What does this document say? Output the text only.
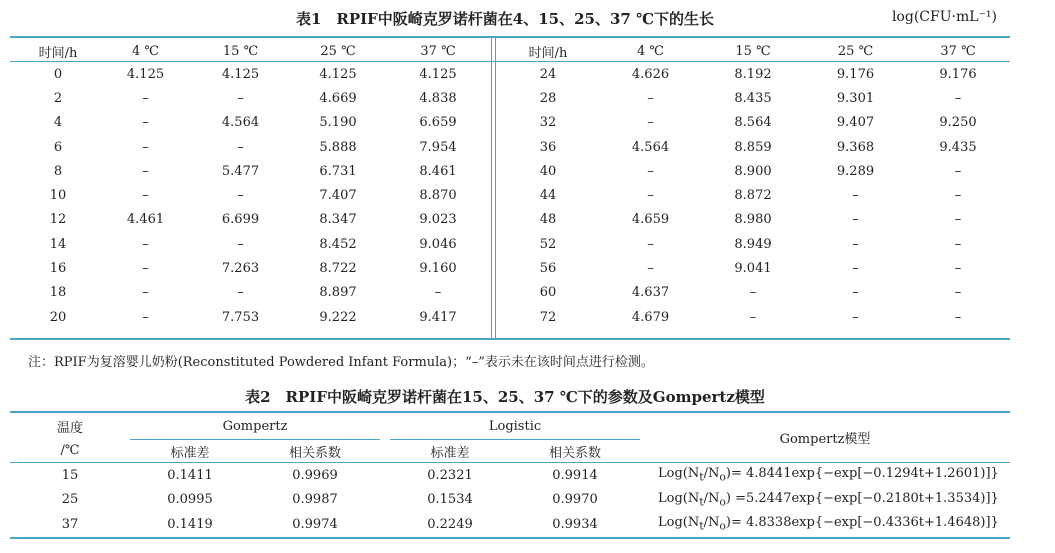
表1　RPIF中阪崎克罗诺杆菌在4、15、25、37 ℃下的生长	log(CFU·mL⁻¹)
时间/h	4 ℃	15 ℃	25 ℃	37 ℃
0	4.125	4.125	4.125	4.125
2	–	–	4.669	4.838
4	–	4.564	5.190	6.659
6	–	–	5.888	7.954
8	–	5.477	6.731	8.461
10	–	–	7.407	8.870
12	4.461	6.699	8.347	9.023
14	–	–	8.452	9.046
16	–	7.263	8.722	9.160
18	–	–	8.897	–
20	–	7.753	9.222	9.417
时间/h	4 ℃	15 ℃	25 ℃	37 ℃
24	4.626	8.192	9.176	9.176
28	–	8.435	9.301	–
32	–	8.564	9.407	9.250
36	4.564	8.859	9.368	9.435
40	–	8.900	9.289	–
44	–	8.872	–	–
48	4.659	8.980	–	–
52	–	8.949	–	–
56	–	9.041	–	–
60	4.637	–	–	–
72	4.679	–	–	–
注：RPIF为复溶婴儿奶粉(Reconstituted Powdered Infant Formula)；“–”表示未在该时间点进行检测。
表2　RPIF中阪崎克罗诺杆菌在15、25、37 ℃下的参数及Gompertz模型
温度	Gompertz			Logistic		Gompertz模型
/℃	标准差	相关系数		标准差	相关系数	
15	0.1411	0.9969		0.2321	0.9914	$Log(N_t/N_o)= 4.8441\exp\{-\exp[-0.1294t+1.2601)]$}
25	0.0995	0.9987		0.1534	0.9970	$Log(N_t/N_o) =5.2447\exp\{-\exp[-0.2180t+1.3534)]$}
37	0.1419	0.9974		0.2249	0.9934	$Log(N_t/N_o)= 4.8338\exp\{-\exp[-0.4336t+1.4648)]$}
